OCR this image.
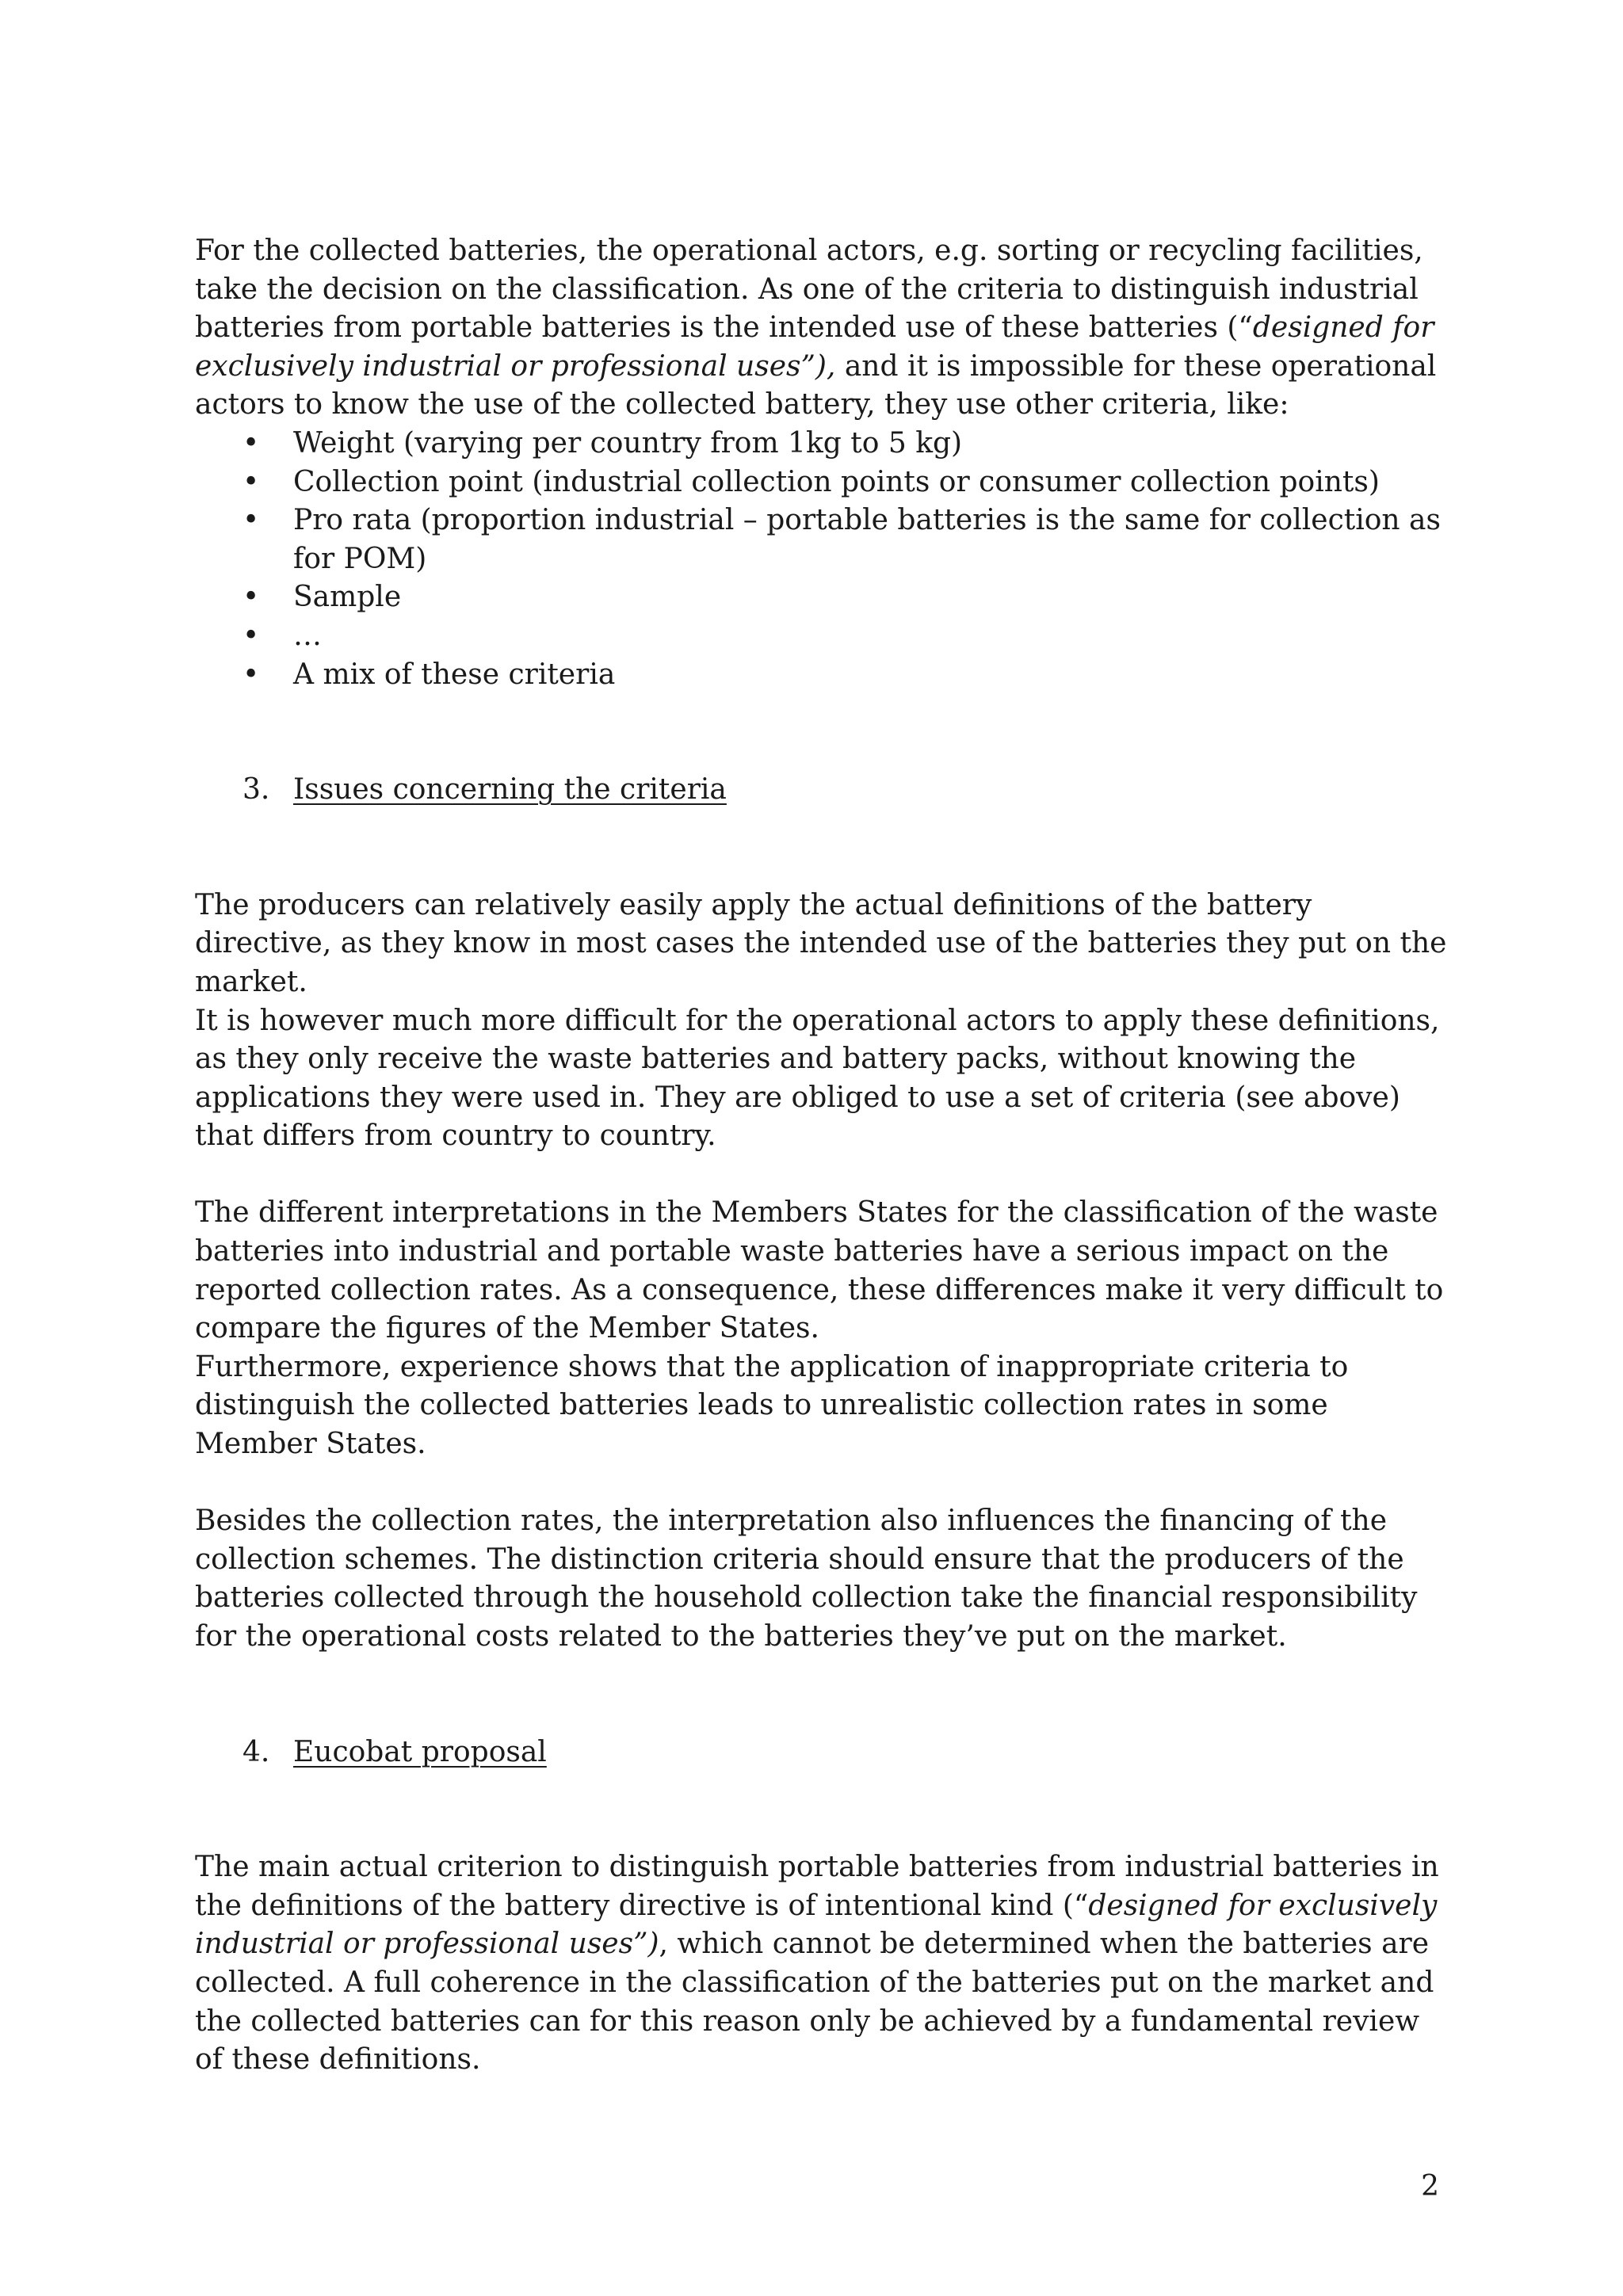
For the collected batteries, the operational actors, e.g. sorting or recycling facilities, take the decision on the classification. As one of the criteria to distinguish industrial batteries from portable batteries is the intended use of these batteries (“designed for exclusively industrial or professional uses”), and it is impossible for these operational actors to know the use of the collected battery, they use other criteria, like:

• Weight (varying per country from 1kg to 5 kg)
• Collection point (industrial collection points or consumer collection points)
• Pro rata (proportion industrial – portable batteries is the same for collection as for POM)
• Sample
• …
• A mix of these criteria
3. Issues concerning the criteria

The producers can relatively easily apply the actual definitions of the battery directive, as they know in most cases the intended use of the batteries they put on the market.

It is however much more difficult for the operational actors to apply these definitions, as they only receive the waste batteries and battery packs, without knowing the applications they were used in. They are obliged to use a set of criteria (see above) that differs from country to country.

The different interpretations in the Members States for the classification of the waste batteries into industrial and portable waste batteries have a serious impact on the reported collection rates. As a consequence, these differences make it very difficult to compare the figures of the Member States.

Furthermore, experience shows that the application of inappropriate criteria to distinguish the collected batteries leads to unrealistic collection rates in some Member States.

Besides the collection rates, the interpretation also influences the financing of the collection schemes. The distinction criteria should ensure that the producers of the batteries collected through the household collection take the financial responsibility for the operational costs related to the batteries they’ve put on the market.

4. Eucobat proposal

The main actual criterion to distinguish portable batteries from industrial batteries in the definitions of the battery directive is of intentional kind (“designed for exclusively industrial or professional uses”), which cannot be determined when the batteries are collected. A full coherence in the classification of the batteries put on the market and the collected batteries can for this reason only be achieved by a fundamental review of these definitions.

2
